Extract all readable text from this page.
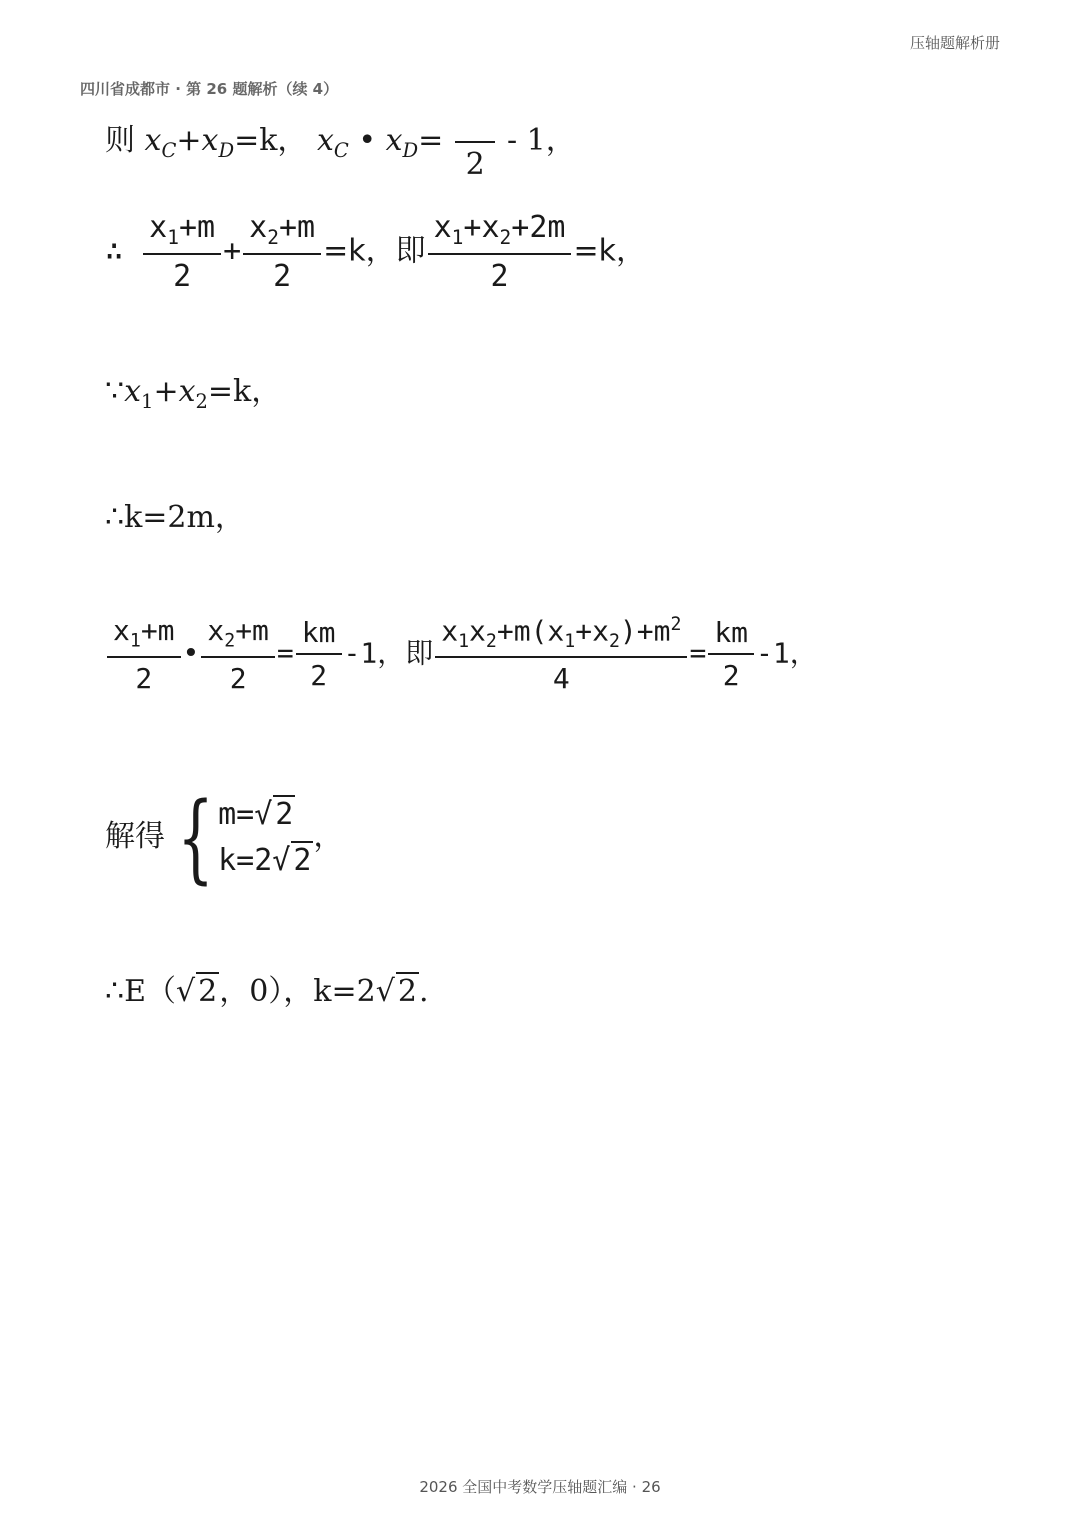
压轴题解析册
四川省成都市 · 第 26 题解析（续 4）
则 $x_C+x_D=k$， $x_C$ • $x_D=$

2
- 1，
∴ $\frac{x_1+m}{2} + \frac{x_2+m}{2} =k$，即 $\frac{x_1+x_2+2m}{2} =k$，
$\because x_1+x_2=k$，
∴k=2m，
$\frac{x_1+m}{2}$ • $\frac{x_2+m}{2} = \frac{km}{2} -1$，即 $\frac{x_1x_2+m(x_1+x_2)+m^2}{4} = \frac{km}{2} -1$，
解得 { m=√ 2
k=2√ 2
，
∴E（√ 2，0），k=2√ 2.
2026 全国中考数学压轴题汇编 · 26
